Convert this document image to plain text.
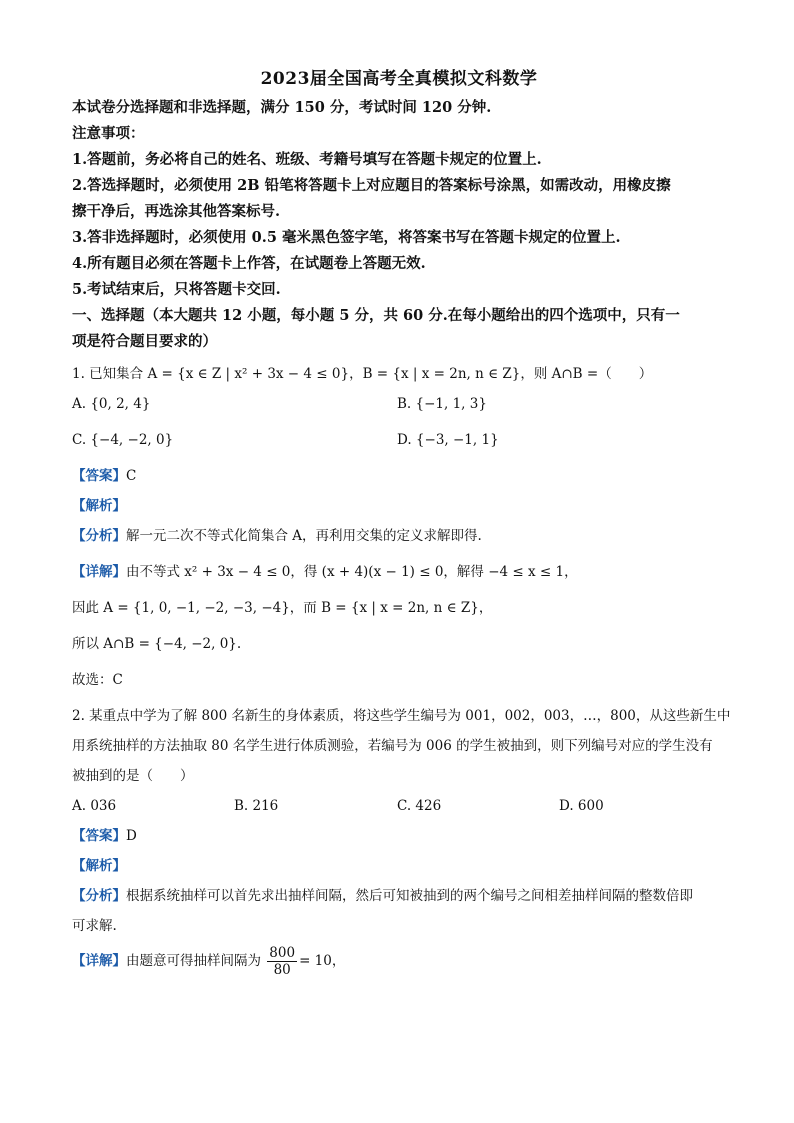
2023届全国高考全真模拟文科数学
本试卷分选择题和非选择题，满分 150 分，考试时间 120 分钟.
注意事项：
1.答题前，务必将自己的姓名、班级、考籍号填写在答题卡规定的位置上.
2.答选择题时，必须使用 2B 铅笔将答题卡上对应题目的答案标号涂黑，如需改动，用橡皮擦
擦干净后，再选涂其他答案标号.
3.答非选择题时，必须使用 0.5 毫米黑色签字笔，将答案书写在答题卡规定的位置上.
4.所有题目必须在答题卡上作答，在试题卷上答题无效.
5.考试结束后，只将答题卡交回.
一、选择题（本大题共 12 小题，每小题 5 分，共 60 分.在每小题给出的四个选项中，只有一
项是符合题目要求的）
1. 已知集合 A = {x ∈ Z | x² + 3x − 4 ≤ 0}，B = {x | x = 2n, n ∈ Z}，则 A∩B =（　　）
A. {0, 2, 4}	B. {−1, 1, 3}
C. {−4, −2, 0}	D. {−3, −1, 1}
【答案】C
【解析】
【分析】解一元二次不等式化简集合 A，再利用交集的定义求解即得.
【详解】由不等式 x² + 3x − 4 ≤ 0，得 (x + 4)(x − 1) ≤ 0，解得 −4 ≤ x ≤ 1，
因此 A = {1, 0, −1, −2, −3, −4}，而 B = {x | x = 2n, n ∈ Z}，
所以 A∩B = {−4, −2, 0}.
故选：C
2. 某重点中学为了解 800 名新生的身体素质，将这些学生编号为 001，002，003，…，800，从这些新生中
用系统抽样的方法抽取 80 名学生进行体质测验，若编号为 006 的学生被抽到，则下列编号对应的学生没有
被抽到的是（　　）
A. 036	B. 216	C. 426	D. 600
【答案】D
【解析】
【分析】根据系统抽样可以首先求出抽样间隔，然后可知被抽到的两个编号之间相差抽样间隔的整数倍即
可求解.
【详解】由题意可得抽样间隔为 $\frac{800}{80} = 10$，
